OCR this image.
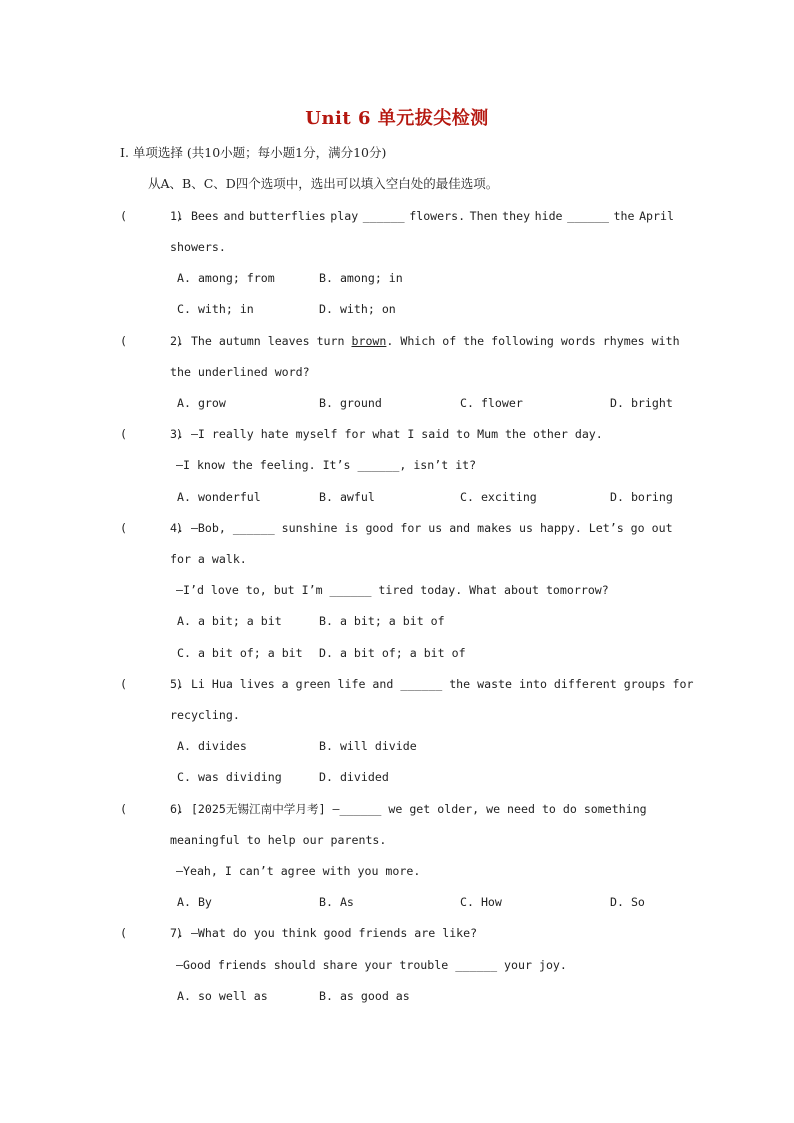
Unit 6 单元拔尖检测
I. 单项选择 (共10小题；每小题1分，满分10分)
从A、B、C、D四个选项中，选出可以填入空白处的最佳选项。
(       )
1. Bees and butterflies play ______ flowers. Then they hide ______ the April
showers.
A. among; from	B. among; in
C. with; in	D. with; on
(       )
2. The autumn leaves turn brown. Which of the following words rhymes with
the underlined word?
A. grow	B. ground	C. flower	D. bright
(       )
3. —I really hate myself for what I said to Mum the other day.
—I know the feeling. It’s ______, isn’t it?
A. wonderful	B. awful	C. exciting	D. boring
(       )
4. —Bob, ______ sunshine is good for us and makes us happy. Let’s go out
for a walk.
—I’d love to, but I’m ______ tired today. What about tomorrow?
A. a bit; a bit	B. a bit; a bit of
C. a bit of; a bit D. a bit of; a bit of
(       )
5. Li Hua lives a green life and ______ the waste into different groups for
recycling.
A. divides	B. will divide
C. was dividing	D. divided
(       )
6. [2025无锡江南中学月考] —______ we get older, we need to do something
meaningful to help our parents.
—Yeah, I can’t agree with you more.
A. By	B. As	C. How	D. So
(       )
7. —What do you think good friends are like?
—Good friends should share your trouble ______ your joy.
A. so well as	B. as good as
